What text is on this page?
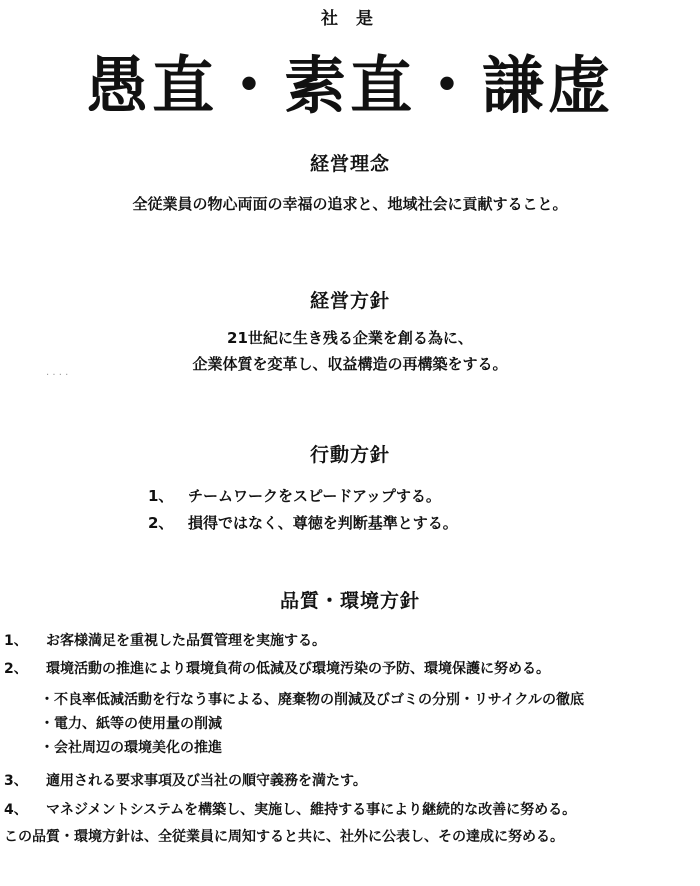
社 是
愚直・素直・謙虚
経営理念
全従業員の物心両面の幸福の追求と、地域社会に貢献すること。
経営方針
21世紀に生き残る企業を創る為に、
企業体質を変革し、収益構造の再構築をする。
· · · ·
行動方針
1、 チームワークをスピードアップする。
2、 損得ではなく、尊徳を判断基準とする。
品質・環境方針
1、 お客様満足を重視した品質管理を実施する。
2、 環境活動の推進により環境負荷の低減及び環境汚染の予防、環境保護に努める。
・不良率低減活動を行なう事による、廃棄物の削減及びゴミの分別・リサイクルの徹底
・電力、紙等の使用量の削減
・会社周辺の環境美化の推進
3、 適用される要求事項及び当社の順守義務を満たす。
4、 マネジメントシステムを構築し、実施し、維持する事により継続的な改善に努める。
この品質・環境方針は、全従業員に周知すると共に、社外に公表し、その達成に努める。
